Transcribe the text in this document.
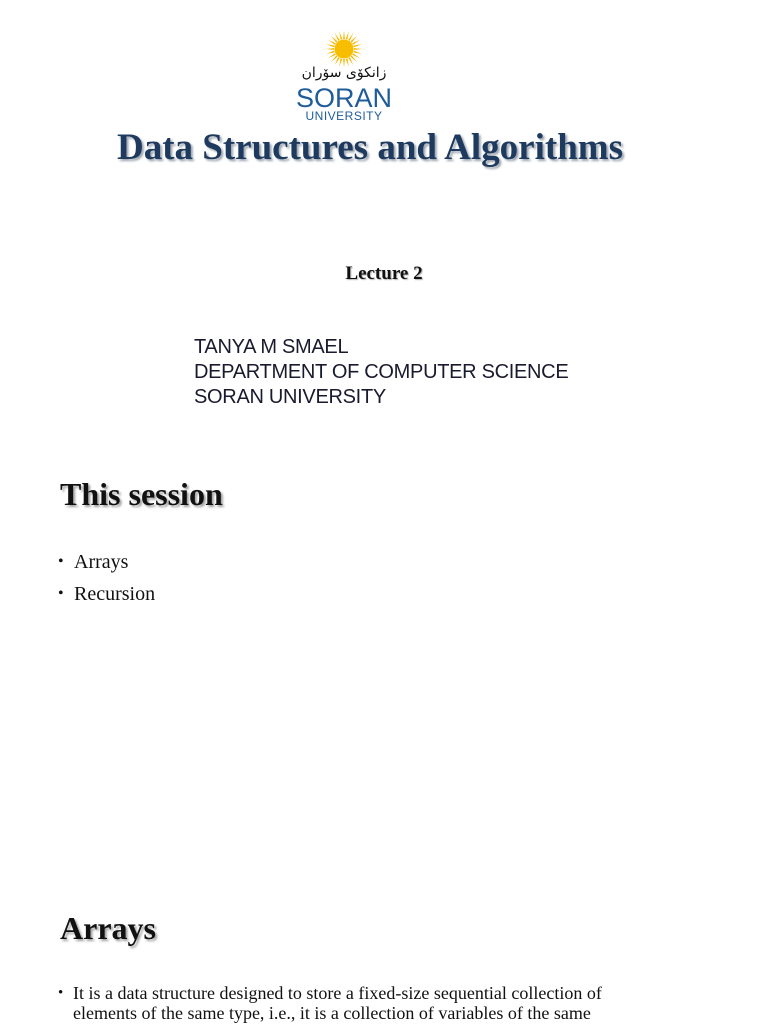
زانكۆی سۆران
SORAN
UNIVERSITY
Data Structures and Algorithms
Lecture 2
TANYA M SMAEL
DEPARTMENT OF COMPUTER SCIENCE
SORAN UNIVERSITY
This session
• Arrays
• Recursion
Arrays
• It is a data structure designed to store a fixed-size sequential collection of
elements of the same type, i.e., it is a collection of variables of the same
